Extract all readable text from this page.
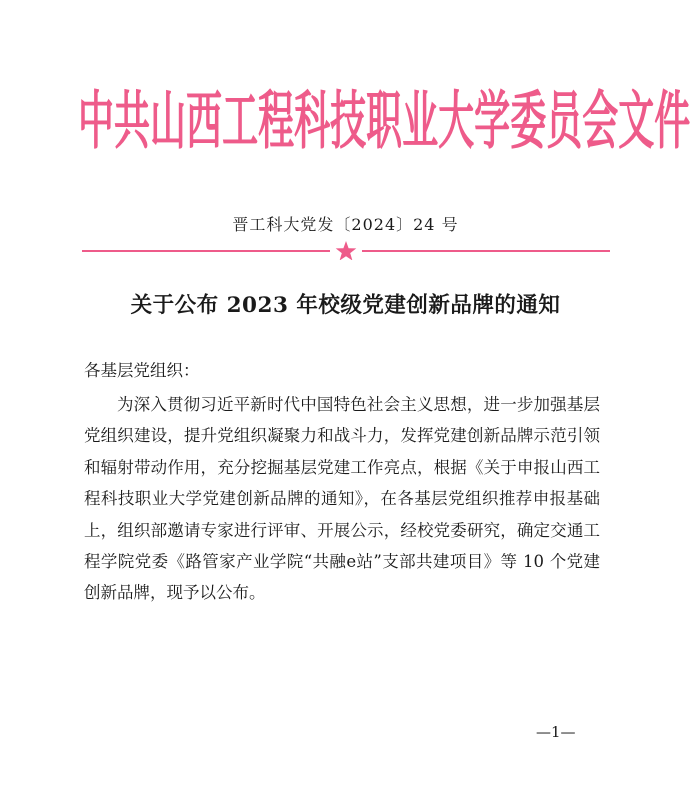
中 共 山 西 工 程 科 技 职 业 大 学 委 员 会 文 件
晋工科大党发〔2024〕24 号
关于公布 2023 年校级党建创新品牌的通知
各基层党组织：

为深入贯彻习近平新时代中国特色社会主义思想，进一步加强基层党组织建设，提升党组织凝聚力和战斗力，发挥党建创新品牌示范引领和辐射带动作用，充分挖掘基层党建工作亮点，根据《关于申报山西工程科技职业大学党建创新品牌的通知》，在各基层党组织推荐申报基础上，组织部邀请专家进行评审、开展公示，经校党委研究，确定交通工程学院党委《路管家产业学院“共融e站”支部共建项目》等 10 个党建创新品牌，现予以公布。

—1—
